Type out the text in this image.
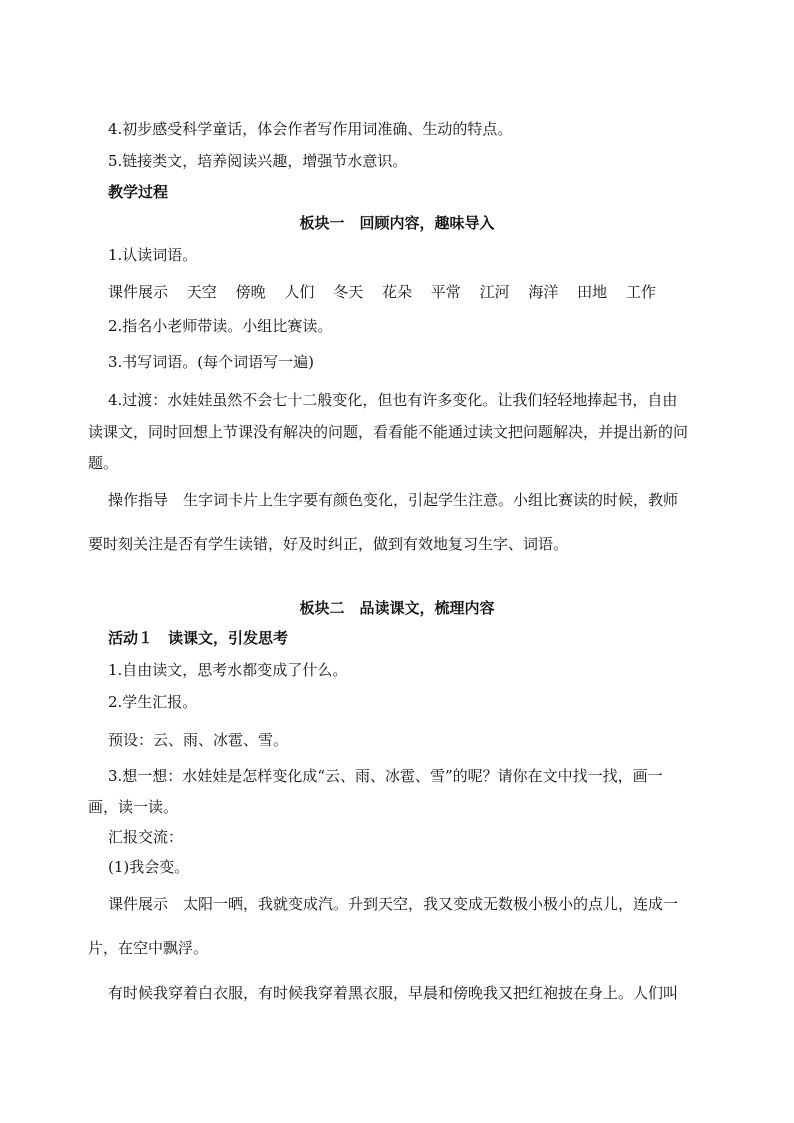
4.初步感受科学童话，体会作者写作用词准确、生动的特点。
5.链接类文，培养阅读兴趣，增强节水意识。
教学过程
板块一　回顾内容，趣味导入
1.认读词语。
课件展示 天空 傍晚 人们 冬天 花朵 平常 江河 海洋 田地 工作
2.指名小老师带读。小组比赛读。
3.书写词语。(每个词语写一遍)
4.过渡：水娃娃虽然不会七十二般变化，但也有许多变化。让我们轻轻地捧起书，自由
读课文，同时回想上节课没有解决的问题，看看能不能通过读文把问题解决，并提出新的问
题。
操作指导　生字词卡片上生字要有颜色变化，引起学生注意。小组比赛读的时候，教师
要时刻关注是否有学生读错，好及时纠正，做到有效地复习生字、词语。
板块二　品读课文，梳理内容
活动１　读课文，引发思考
1.自由读文，思考水都变成了什么。
2.学生汇报。
预设：云、雨、冰雹、雪。
3.想一想：水娃娃是怎样变化成“云、雨、冰雹、雪”的呢？请你在文中找一找，画一
画，读一读。
汇报交流：
(1)我会变。
课件展示　太阳一晒，我就变成汽。升到天空，我又变成无数极小极小的点儿，连成一
片，在空中飘浮。
有时候我穿着白衣服，有时候我穿着黑衣服，早晨和傍晚我又把红袍披在身上。人们叫
